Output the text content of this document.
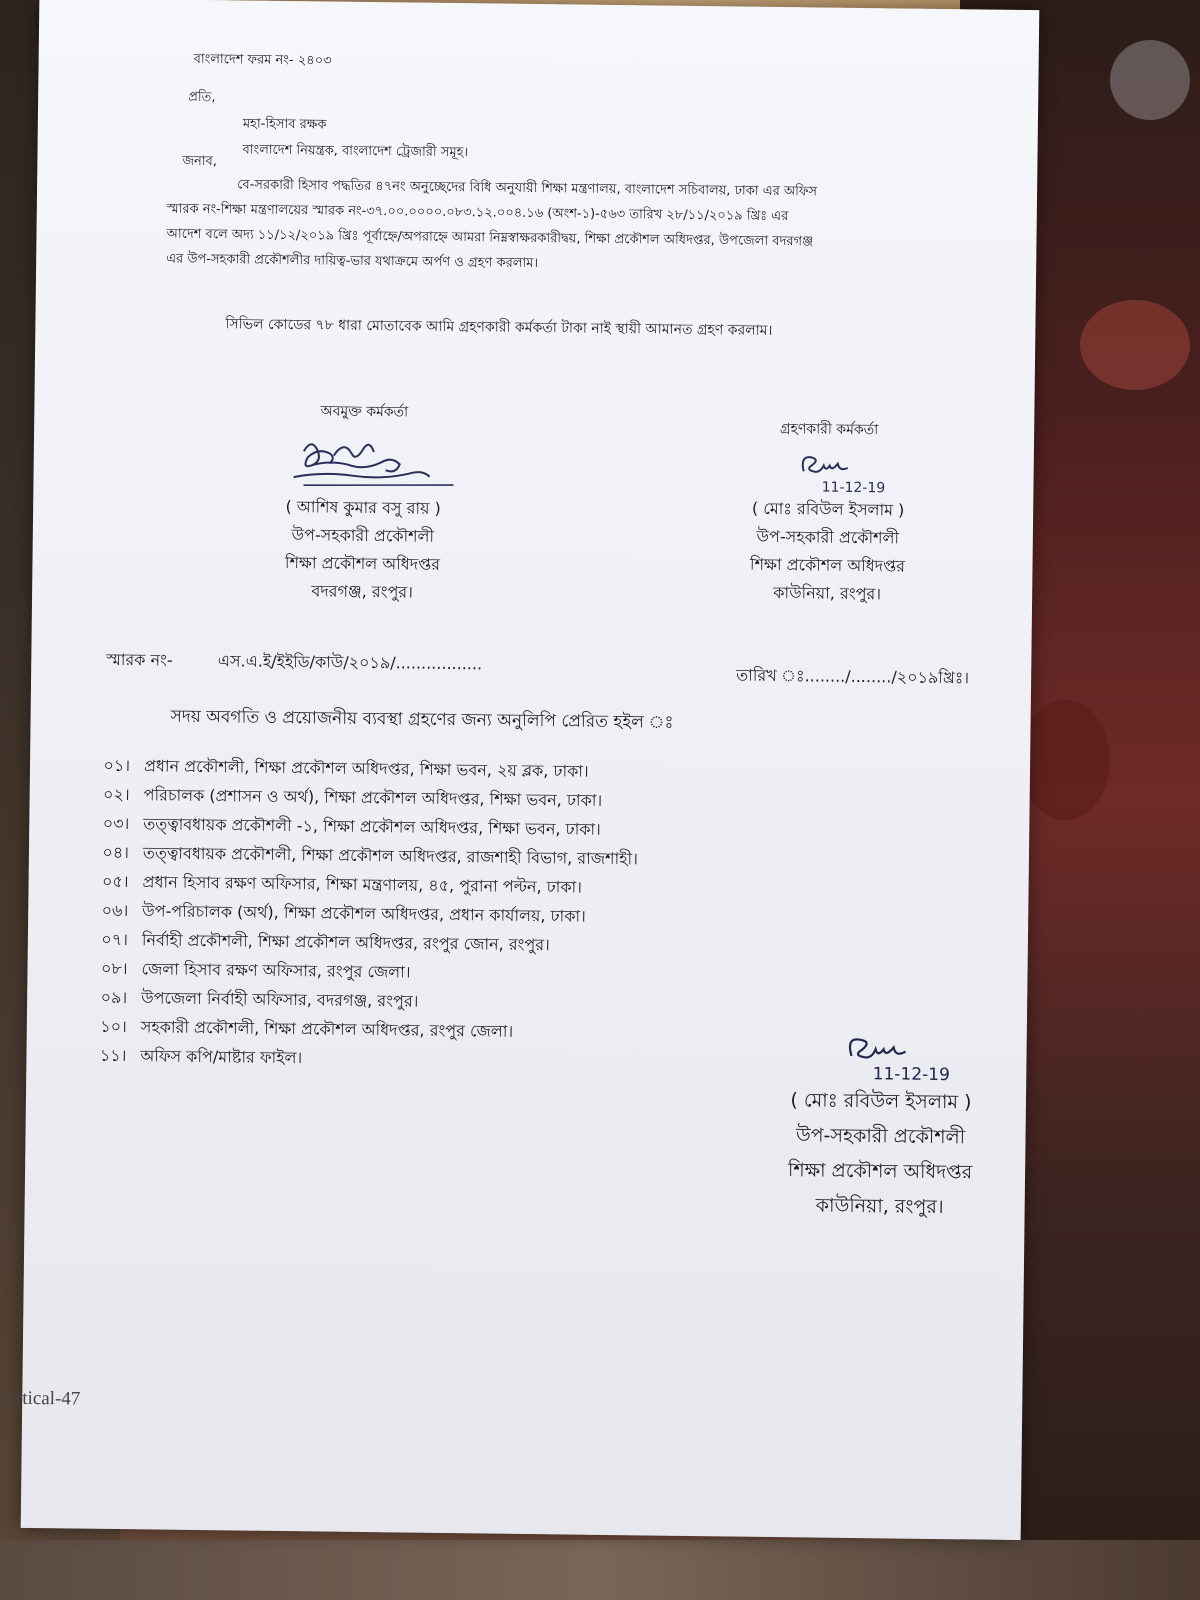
বাংলাদেশ ফরম নং- ২৪০৩
প্রতি,
মহা-হিসাব রক্ষক
বাংলাদেশ নিয়ন্ত্রক, বাংলাদেশ ট্রেজারী সমূহ।
জনাব,
বে-সরকারী হিসাব পদ্ধতির ৪৭নং অনুচ্ছেদের বিধি অনুযায়ী শিক্ষা মন্ত্রণালয়, বাংলাদেশ সচিবালয়, ঢাকা এর অফিস
স্মারক নং-শিক্ষা মন্ত্রণালয়ের স্মারক নং-৩৭.০০.০০০০.০৮৩.১২.০০৪.১৬ (অংশ-১)-৫৬৩ তারিখ ২৮/১১/২০১৯ খ্রিঃ এর
আদেশ বলে অদ্য ১১/১২/২০১৯ খ্রিঃ পূর্বাহ্নে/অপরাহ্নে আমরা নিম্নস্বাক্ষরকারীদ্বয়, শিক্ষা প্রকৌশল অধিদপ্তর, উপজেলা বদরগঞ্জ
এর উপ-সহকারী প্রকৌশলীর দায়িত্ব-ভার যথাক্রমে অর্পণ ও গ্রহণ করলাম।
সিভিল কোডের ৭৮ ধারা মোতাবেক আমি গ্রহণকারী কর্মকর্তা টাকা নাই স্থায়ী আমানত গ্রহণ করলাম।
অবমুক্ত কর্মকর্তা
( আশিষ কুমার বসু রায় )
উপ-সহকারী প্রকৌশলী
শিক্ষা প্রকৌশল অধিদপ্তর
বদরগঞ্জ, রংপুর।
গ্রহণকারী কর্মকর্তা
11-12-19
( মোঃ রবিউল ইসলাম )
উপ-সহকারী প্রকৌশলী
শিক্ষা প্রকৌশল অধিদপ্তর
কাউনিয়া, রংপুর।
স্মারক নং-	এস.এ.ই/ইইডি/কাউ/২০১৯/.................
তারিখ ঃ......../......../২০১৯খ্রিঃ।
সদয় অবগতি ও প্রয়োজনীয় ব্যবস্থা গ্রহণের জন্য অনুলিপি প্রেরিত হইল ঃ
০১। প্রধান প্রকৌশলী, শিক্ষা প্রকৌশল অধিদপ্তর, শিক্ষা ভবন, ২য় ব্লক, ঢাকা।
০২। পরিচালক (প্রশাসন ও অর্থ), শিক্ষা প্রকৌশল অধিদপ্তর, শিক্ষা ভবন, ঢাকা।
০৩। তত্ত্বাবধায়ক প্রকৌশলী -১, শিক্ষা প্রকৌশল অধিদপ্তর, শিক্ষা ভবন, ঢাকা।
০৪। তত্ত্বাবধায়ক প্রকৌশলী, শিক্ষা প্রকৌশল অধিদপ্তর, রাজশাহী বিভাগ, রাজশাহী।
০৫। প্রধান হিসাব রক্ষণ অফিসার, শিক্ষা মন্ত্রণালয়, ৪৫, পুরানা পল্টন, ঢাকা।
০৬। উপ-পরিচালক (অর্থ), শিক্ষা প্রকৌশল অধিদপ্তর, প্রধান কার্যালয়, ঢাকা।
০৭। নির্বাহী প্রকৌশলী, শিক্ষা প্রকৌশল অধিদপ্তর, রংপুর জোন, রংপুর।
০৮। জেলা হিসাব রক্ষণ অফিসার, রংপুর জেলা।
০৯। উপজেলা নির্বাহী অফিসার, বদরগঞ্জ, রংপুর।
১০। সহকারী প্রকৌশলী, শিক্ষা প্রকৌশল অধিদপ্তর, রংপুর জেলা।
১১। অফিস কপি/মাষ্টার ফাইল।
11-12-19
( মোঃ রবিউল ইসলাম )
উপ-সহকারী প্রকৌশলী
শিক্ষা প্রকৌশল অধিদপ্তর
কাউনিয়া, রংপুর।
Artical-47
